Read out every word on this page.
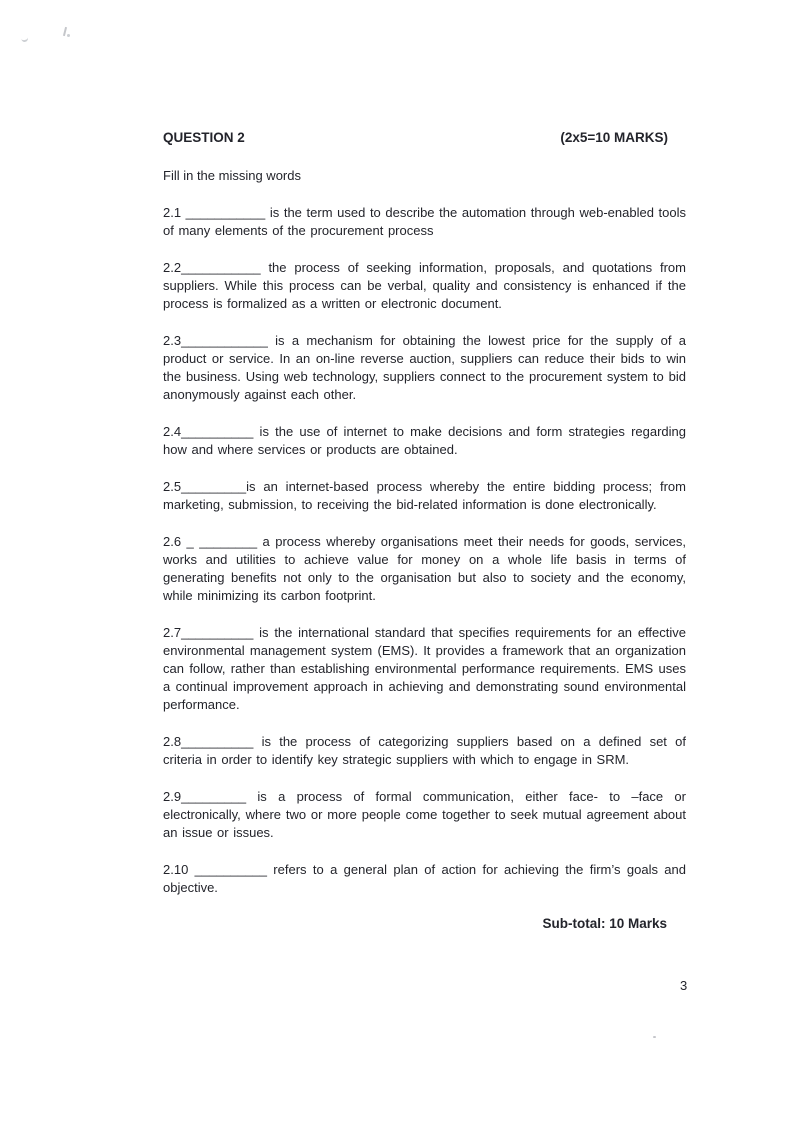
QUESTION 2	(2x5=10 MARKS)

Fill in the missing words

2.1 ___________ is the term used to describe the automation through web-enabled tools of many elements of the procurement process

2.2___________ the process of seeking information, proposals, and quotations from suppliers. While this process can be verbal, quality and consistency is enhanced if the process is formalized as a written or electronic document.

2.3____________ is a mechanism for obtaining the lowest price for the supply of a product or service. In an on-line reverse auction, suppliers can reduce their bids to win the business. Using web technology, suppliers connect to the procurement system to bid anonymously against each other.

2.4__________ is the use of internet to make decisions and form strategies regarding how and where services or products are obtained.

2.5_________is an internet-based process whereby the entire bidding process; from marketing, submission, to receiving the bid-related information is done electronically.

2.6 _ ________ a process whereby organisations meet their needs for goods, services, works and utilities to achieve value for money on a whole life basis in terms of generating benefits not only to the organisation but also to society and the economy, while minimizing its carbon footprint.

2.7__________ is the international standard that specifies requirements for an effective environmental management system (EMS). It provides a framework that an organization can follow, rather than establishing environmental performance requirements. EMS uses a continual improvement approach in achieving and demonstrating sound environmental performance.

2.8__________ is the process of categorizing suppliers based on a defined set of criteria in order to identify key strategic suppliers with which to engage in SRM.

2.9_________ is a process of formal communication, either face- to –face or electronically, where two or more people come together to seek mutual agreement about an issue or issues.

2.10 __________ refers to a general plan of action for achieving the firm’s goals and objective.

Sub-total: 10 Marks
3
